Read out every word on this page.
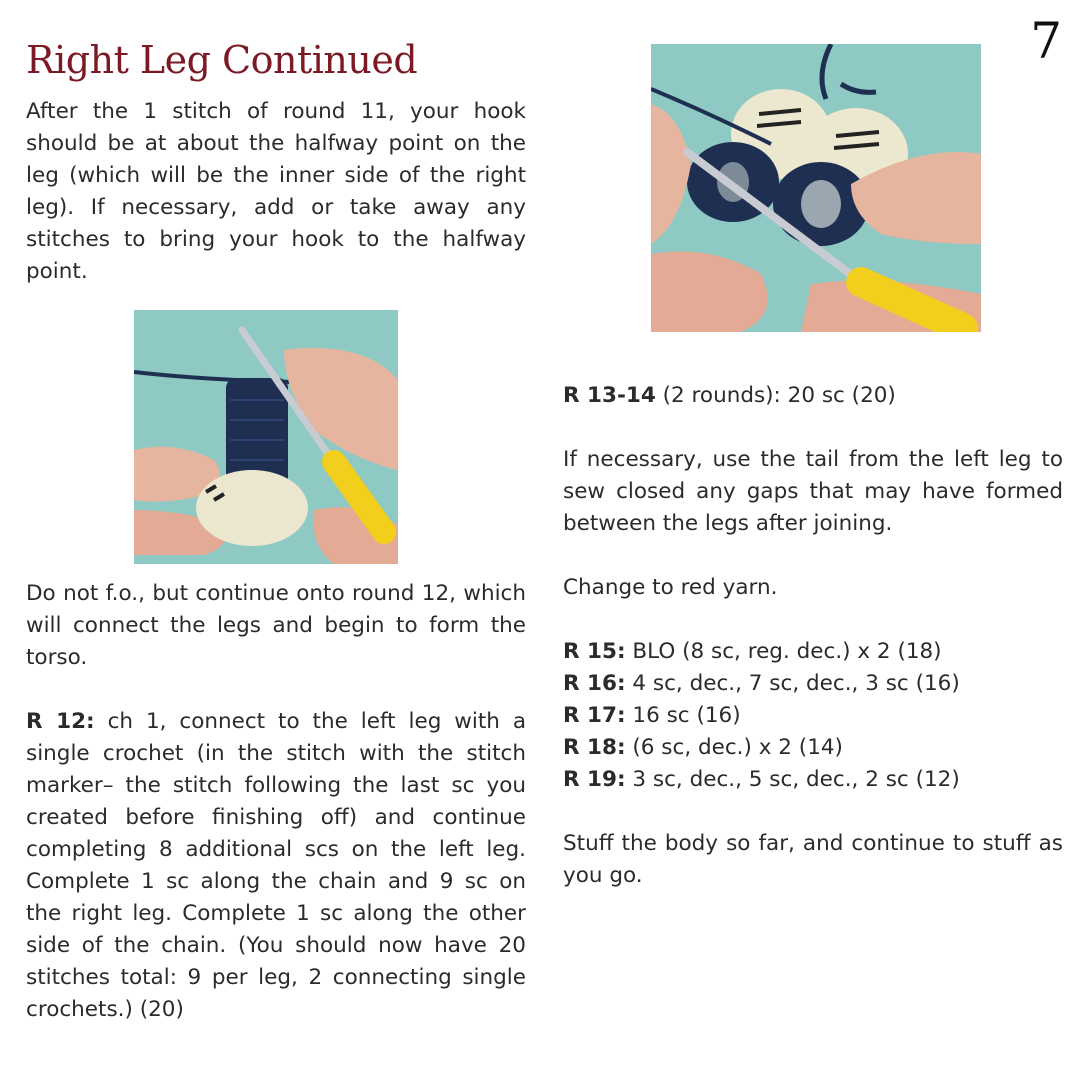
7
Right Leg Continued

After the 1 stitch of round 11, your hook should be at about the halfway point on the leg (which will be the inner side of the right leg). If necessary, add or take away any stitches to bring your hook to the halfway point.

Do not f.o., but continue onto round 12, which will connect the legs and begin to form the torso.

R 12: ch 1, connect to the left leg with a single crochet (in the stitch with the stitch marker– the stitch following the last sc you created before finishing off) and continue completing 8 additional scs on the left leg. Complete 1 sc along the chain and 9 sc on the right leg. Complete 1 sc along the other side of the chain. (You should now have 20 stitches total: 9 per leg, 2 connecting single crochets.) (20)

R 13-14 (2 rounds): 20 sc (20)

If necessary, use the tail from the left leg to sew closed any gaps that may have formed between the legs after joining.

Change to red yarn.

R 15: BLO (8 sc, reg. dec.) x 2 (18)
R 16: 4 sc, dec., 7 sc, dec., 3 sc (16)
R 17: 16 sc (16)
R 18: (6 sc, dec.) x 2 (14)
R 19: 3 sc, dec., 5 sc, dec., 2 sc (12)

Stuff the body so far, and continue to stuff as you go.
